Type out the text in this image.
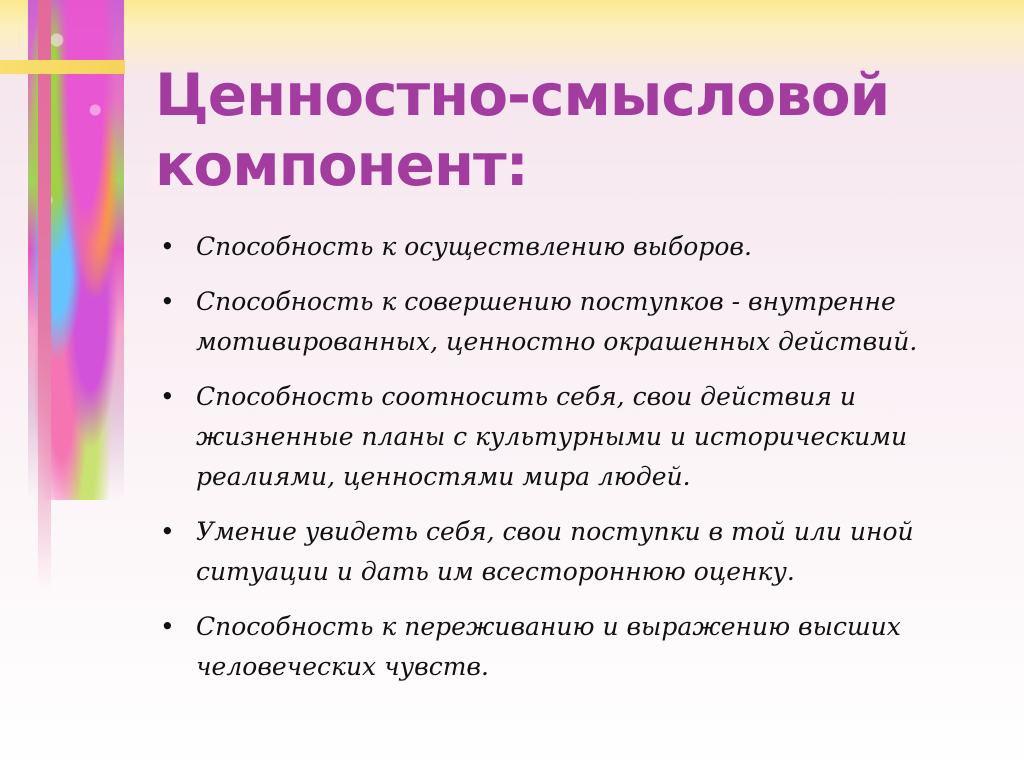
Ценностно-смысловой компонент:
• Способность к осуществлению выборов.
• Способность к совершению поступков - внутренне мотивированных, ценностно окрашенных действий.
• Способность соотносить себя, свои действия и жизненные планы с культурными и историческими реалиями, ценностями мира людей.
• Умение увидеть себя, свои поступки в той или иной ситуации и дать им всестороннюю оценку.
• Способность к переживанию и выражению высших человеческих чувств.
